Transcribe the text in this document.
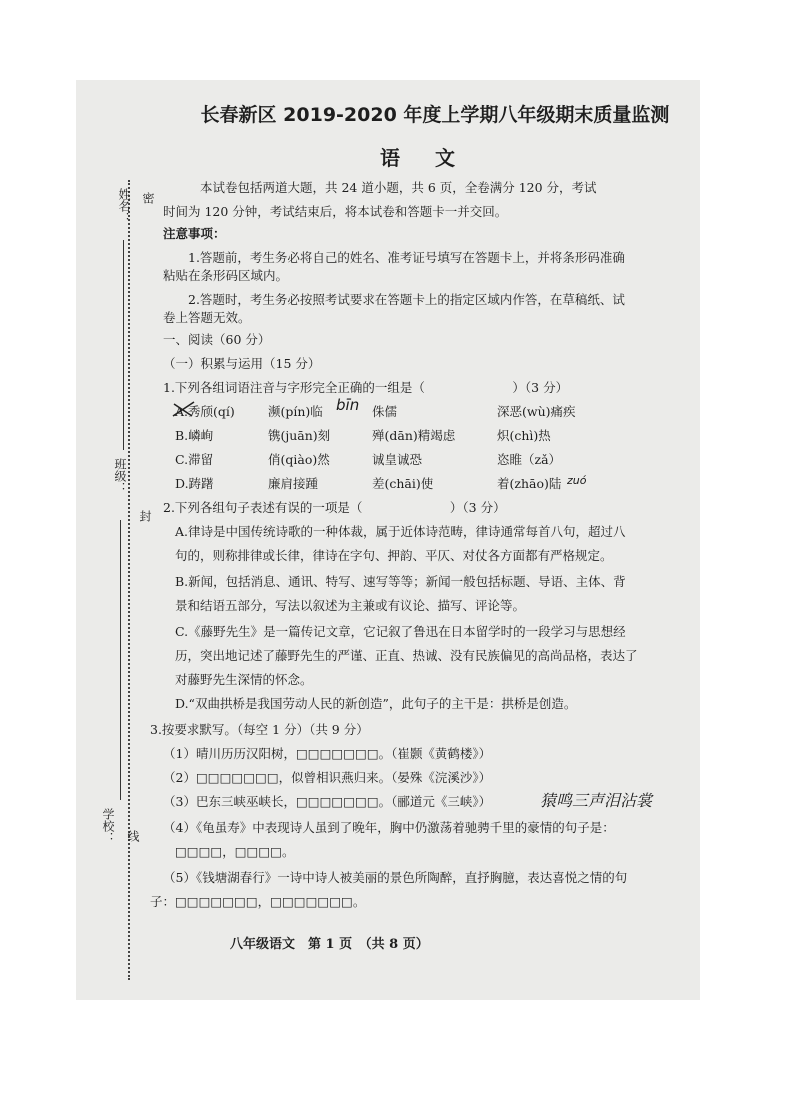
姓名： 密
班级：
封
学校： 线
长春新区 2019-2020 年度上学期八年级期末质量监测
语 文
本试卷包括两道大题，共 24 道小题，共 6 页，全卷满分 120 分，考试
时间为 120 分钟，考试结束后，将本试卷和答题卡一并交回。
注意事项：
1.答题前，考生务必将自己的姓名、准考证号填写在答题卡上，并将条形码准确
粘贴在条形码区域内。
2.答题时，考生务必按照考试要求在答题卡上的指定区域内作答，在草稿纸、试
卷上答题无效。
一、阅读（60 分）
（一）积累与运用（15 分）
1.下列各组词语注音与字形完全正确的一组是（　　　　　　　）（3 分）
A.秀颀(qí)	濒(pín)临	侏儒	深恶(wù)痛疾
bīn
B.嶙峋	镌(juān)刻	殚(dān)精竭虑	炽(chì)热
C.滞留	俏(qiào)然	诚皇诚恐	恣睢（zǎ）
D.踌躇	廉肩接踵	差(chāi)使	着(zhāo)陆 zuó
2.下列各组句子表述有误的一项是（　　　　　　　）（3 分）
A.律诗是中国传统诗歌的一种体裁，属于近体诗范畴，律诗通常每首八句，超过八
句的，则称排律或长律，律诗在字句、押韵、平仄、对仗各方面都有严格规定。
B.新闻，包括消息、通讯、特写、速写等等；新闻一般包括标题、导语、主体、背
景和结语五部分，写法以叙述为主兼或有议论、描写、评论等。
C.《藤野先生》是一篇传记文章，它记叙了鲁迅在日本留学时的一段学习与思想经
历，突出地记述了藤野先生的严谨、正直、热诚、没有民族偏见的高尚品格，表达了
对藤野先生深情的怀念。
D.“双曲拱桥是我国劳动人民的新创造”，此句子的主干是：拱桥是创造。
3.按要求默写。（每空 1 分）（共 9 分）
（1）晴川历历汉阳树，□□□□□□□。（崔颢《黄鹤楼》）
（2）□□□□□□□，似曾相识燕归来。（晏殊《浣溪沙》）
（3）巴东三峡巫峡长，□□□□□□□。（郦道元《三峡》）	猿鸣三声泪沾裳
（4）《龟虽寿》中表现诗人虽到了晚年，胸中仍激荡着驰骋千里的豪情的句子是：
□□□□，□□□□。
（5）《钱塘湖春行》一诗中诗人被美丽的景色所陶醉，直抒胸臆，表达喜悦之情的句
子：□□□□□□□，□□□□□□□。
八年级语文　第 1 页　（共 8 页）
